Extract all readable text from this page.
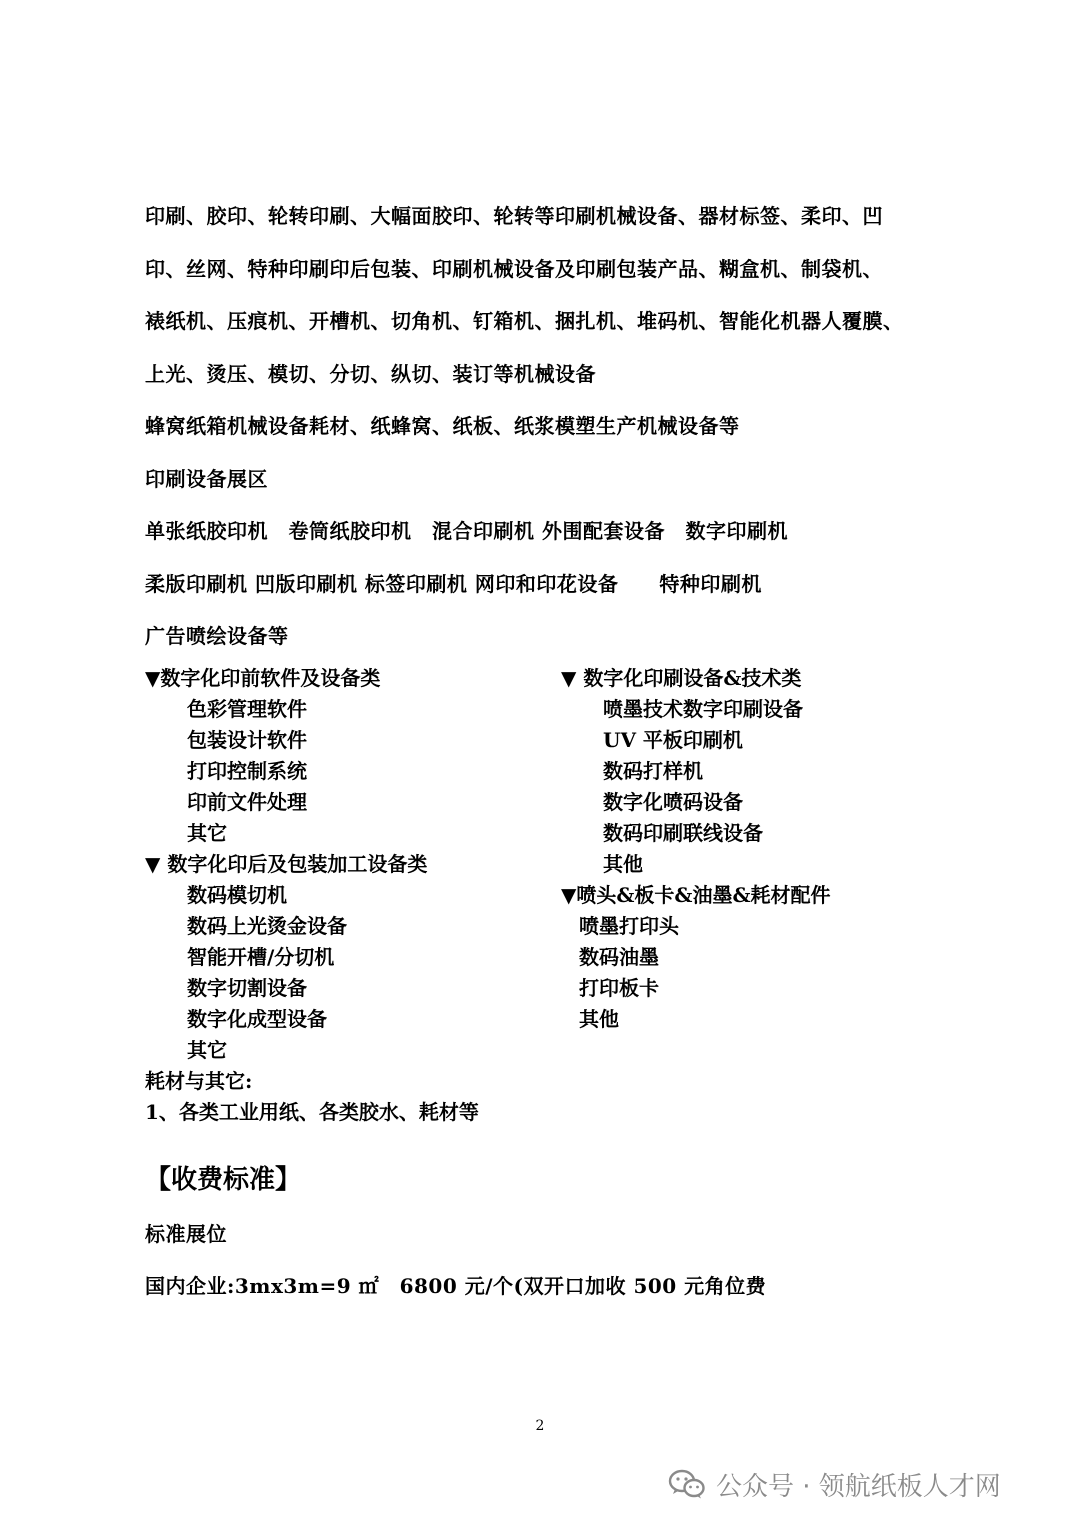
印刷、胶印、轮转印刷、大幅面胶印、轮转等印刷机械设备、器材标签、柔印、凹
印、丝网、特种印刷印后包装、印刷机械设备及印刷包装产品、糊盒机、制袋机、
裱纸机、压痕机、开槽机、切角机、钉箱机、捆扎机、堆码机、智能化机器人覆膜、
上光、烫压、模切、分切、纵切、装订等机械设备
蜂窝纸箱机械设备耗材、纸蜂窝、纸板、纸浆模塑生产机械设备等
印刷设备展区
单张纸胶印机　卷筒纸胶印机　混合印刷机 外围配套设备　数字印刷机
柔版印刷机 凹版印刷机 标签印刷机 网印和印花设备　　特种印刷机
广告喷绘设备等
▼数字化印前软件及设备类
色彩管理软件
包装设计软件
打印控制系统
印前文件处理
其它
▼ 数字化印后及包装加工设备类
数码模切机
数码上光烫金设备
智能开槽/分切机
数字切割设备
数字化成型设备
其它
耗材与其它:
1、各类工业用纸、各类胶水、耗材等
▼ 数字化印刷设备&技术类
喷墨技术数字印刷设备
UV 平板印刷机
数码打样机
数字化喷码设备
数码印刷联线设备
其他
▼喷头&板卡&油墨&耗材配件
喷墨打印头
数码油墨
打印板卡
其他
【收费标准】
标准展位
国内企业:3mx3m=9 ㎡　6800 元/个(双开口加收 500 元角位费
2
公众号 · 领航纸板人才网
